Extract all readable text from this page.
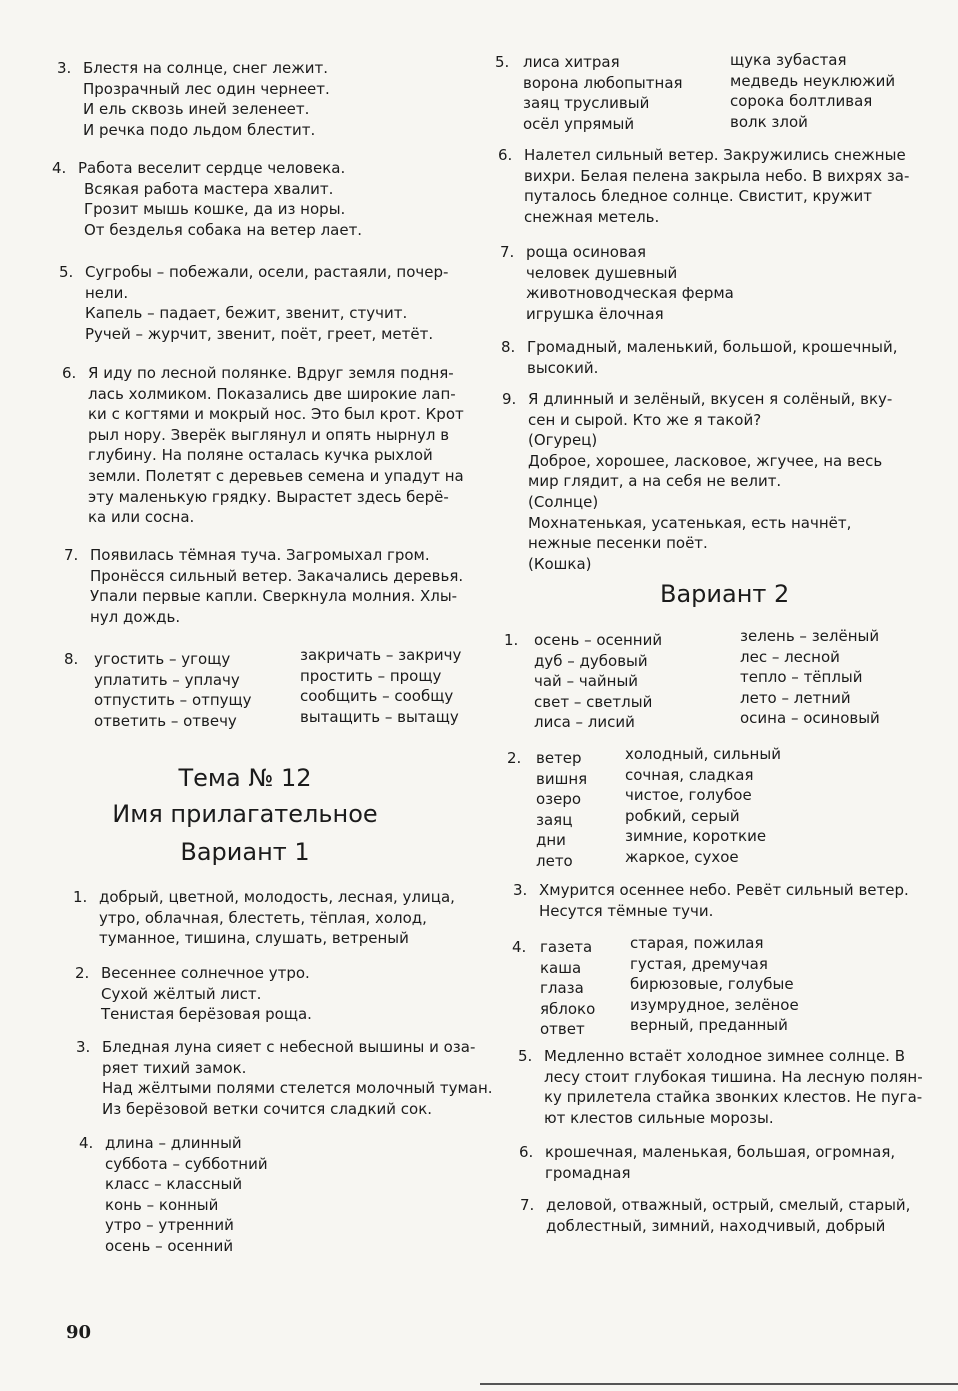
3. Блестя на солнце, снег лежит.
Прозрачный лес один чернеет.
И ель сквозь иней зеленеет.
И речка подо льдом блестит.
4. Работа веселит сердце человека.
Всякая работа мастера хвалит.
Грозит мышь кошке, да из норы.
От безделья собака на ветер лает.
5. Сугробы – побежали, осели, растаяли, почер-
нели.
Капель – падает, бежит, звенит, стучит.
Ручей – журчит, звенит, поёт, греет, метёт.
6. Я иду по лесной полянке. Вдруг земля подня-
лась холмиком. Показались две широкие лап-
ки с когтями и мокрый нос. Это был крот. Крот
рыл нору. Зверёк выглянул и опять нырнул в
глубину. На поляне осталась кучка рыхлой
земли. Полетят с деревьев семена и упадут на
эту маленькую грядку. Вырастет здесь берё-
ка или сосна.
7. Появилась тёмная туча. Загромыхал гром.
Пронёсся сильный ветер. Закачались деревья.
Упали первые капли. Сверкнула молния. Хлы-
нул дождь.
8. угостить – угощу
уплатить – уплачу
отпустить – отпущу
ответить – отвечу
закричать – закричу
простить – прощу
сообщить – сообщу
вытащить – вытащу
Тема № 12
Имя прилагательное
Вариант 1
1. добрый, цветной, молодость, лесная, улица,
утро, облачная, блестеть, тёплая, холод,
туманное, тишина, слушать, ветреный
2. Весеннее солнечное утро.
Сухой жёлтый лист.
Тенистая берёзовая роща.
3. Бледная луна сияет с небесной вышины и оза-
ряет тихий замок.
Над жёлтыми полями стелется молочный туман.
Из берёзовой ветки сочится сладкий сок.
4. длина – длинный
суббота – субботний
класс – классный
конь – конный
утро – утренний
осень – осенний
90
5. лиса хитрая
ворона любопытная
заяц трусливый
осёл упрямый
щука зубастая
медведь неуклюжий
сорока болтливая
волк злой
6. Налетел сильный ветер. Закружились снежные
вихри. Белая пелена закрыла небо. В вихрях за-
путалось бледное солнце. Свистит, кружит
снежная метель.
7. роща осиновая
человек душевный
животноводческая ферма
игрушка ёлочная
8. Громадный, маленький, большой, крошечный,
высокий.
9. Я длинный и зелёный, вкусен я солёный, вку-
сен и сырой. Кто же я такой?
(Огурец)
Доброе, хорошее, ласковое, жгучее, на весь
мир глядит, а на себя не велит.
(Солнце)
Мохнатенькая, усатенькая, есть начнёт,
нежные песенки поёт.
(Кошка)
Вариант 2
1. осень – осенний
дуб – дубовый
чай – чайный
свет – светлый
лиса – лисий
зелень – зелёный
лес – лесной
тепло – тёплый
лето – летний
осина – осиновый
2. ветер
вишня
озеро
заяц
дни
лето
холодный, сильный
сочная, сладкая
чистое, голубое
робкий, серый
зимние, короткие
жаркое, сухое
3. Хмурится осеннее небо. Ревёт сильный ветер.
Несутся тёмные тучи.
4. газета
каша
глаза
яблоко
ответ
старая, пожилая
густая, дремучая
бирюзовые, голубые
изумрудное, зелёное
верный, преданный
5. Медленно встаёт холодное зимнее солнце. В
лесу стоит глубокая тишина. На лесную полян-
ку прилетела стайка звонких клестов. Не пуга-
ют клестов сильные морозы.
6. крошечная, маленькая, большая, огромная,
громадная
7. деловой, отважный, острый, смелый, старый,
доблестный, зимний, находчивый, добрый
